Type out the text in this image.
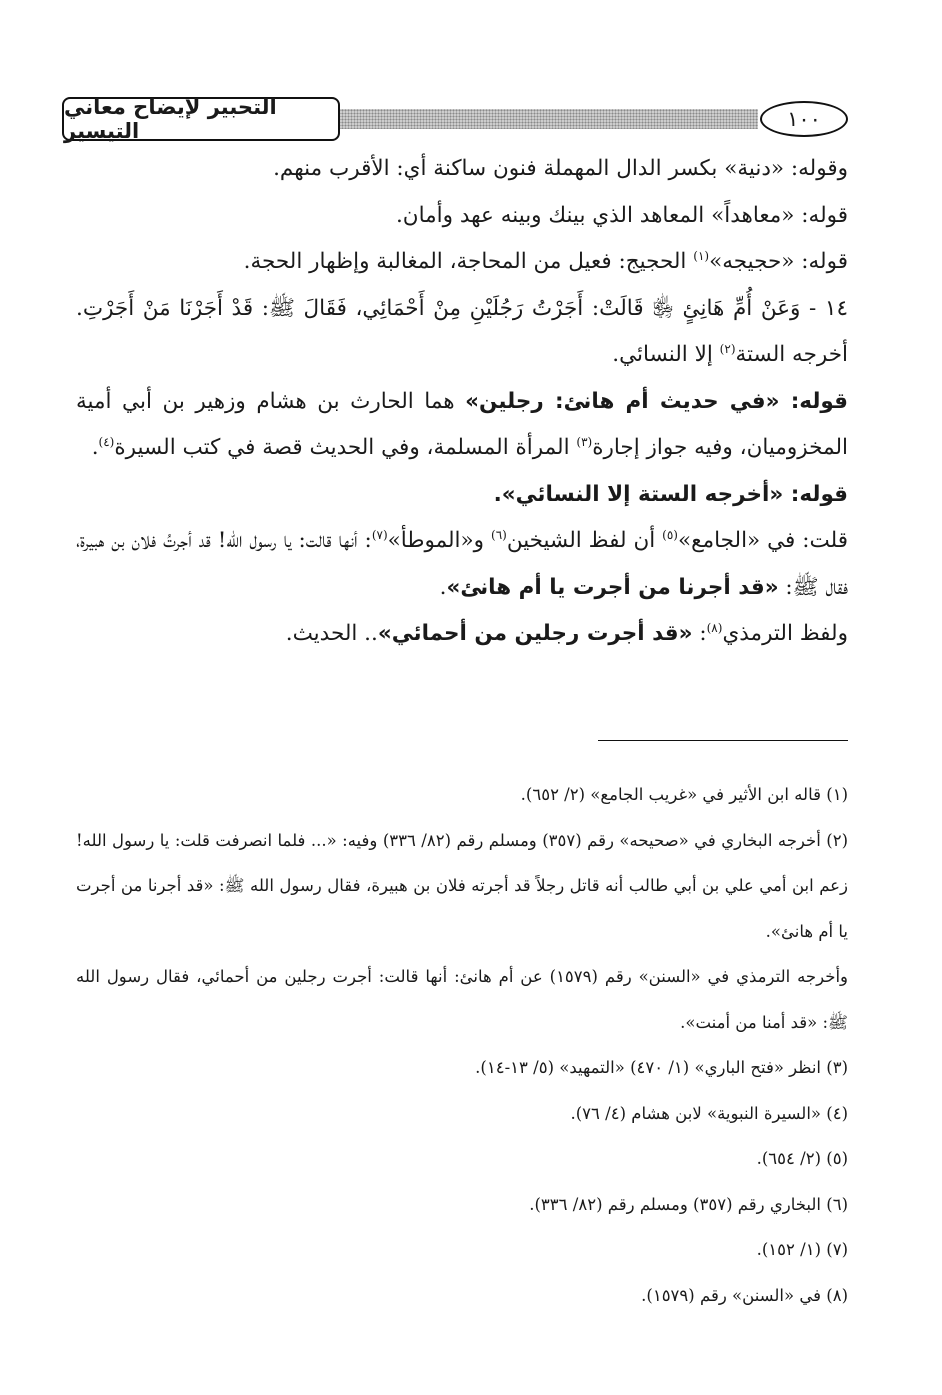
التحبير لإيضاح معاني التيسير	١٠٠

وقوله: «دنية» بكسر الدال المهملة فنون ساكنة أي: الأقرب منهم.

قوله: «معاهداً» المعاهد الذي بينك وبينه عهد وأمان.

قوله: «حجيجه»$^{(١)}$ الحجيج: فعيل من المحاجة، المغالبة وإظهار الحجة.

١٤ - وَعَنْ أُمِّ هَانِئٍ ﵂ قَالَتْ: أَجَرْتُ رَجُلَيْنِ مِنْ أَحْمَائِي، فَقَالَ ﷺ: قَدْ أَجَرْنَا مَنْ أَجَرْتِ. أخرجه الستة$^{(٢)}$ إلا النسائي.

قوله: «في حديث أم هانئ: رجلين» هما الحارث بن هشام وزهير بن أبي أمية المخزوميان، وفيه جواز إجارة$^{(٣)}$ المرأة المسلمة، وفي الحديث قصة في كتب السيرة$^{(٤)}$.

قوله: «أخرجه الستة إلا النسائي».

قلت: في «الجامع»$^{(٥)}$ أن لفظ الشيخين$^{(٦)}$ و«الموطأ»$^{(٧)}$: أنها قالت: يا رسول الله! قد أجرتُ فلان بن هبيرة، فقال ﷺ: «قد أجرنا من أجرت يا أم هانئ».

ولفظ الترمذي$^{(٨)}$: «قد أجرت رجلين من أحمائي».. الحديث.

(١) قاله ابن الأثير في «غريب الجامع» (٢/ ٦٥٢).

(٢) أخرجه البخاري في «صحيحه» رقم (٣٥٧) ومسلم رقم (٨٢/ ٣٣٦) وفيه: «... فلما انصرفت قلت: يا رسول الله! زعم ابن أمي علي بن أبي طالب أنه قاتل رجلاً قد أجرته فلان بن هبيرة، فقال رسول الله ﷺ: «قد أجرنا من أجرت يا أم هانئ».

وأخرجه الترمذي في «السنن» رقم (١٥٧٩) عن أم هانئ: أنها قالت: أجرت رجلين من أحمائي، فقال رسول الله ﷺ: «قد أمنا من أمنت».

(٣) انظر «فتح الباري» (١/ ٤٧٠) «التمهيد» (٥/ ١٣-١٤).

(٤) «السيرة النبوية» لابن هشام (٤/ ٧٦).

(٥) (٢/ ٦٥٤).

(٦) البخاري رقم (٣٥٧) ومسلم رقم (٨٢/ ٣٣٦).

(٧) (١/ ١٥٢).

(٨) في «السنن» رقم (١٥٧٩).
